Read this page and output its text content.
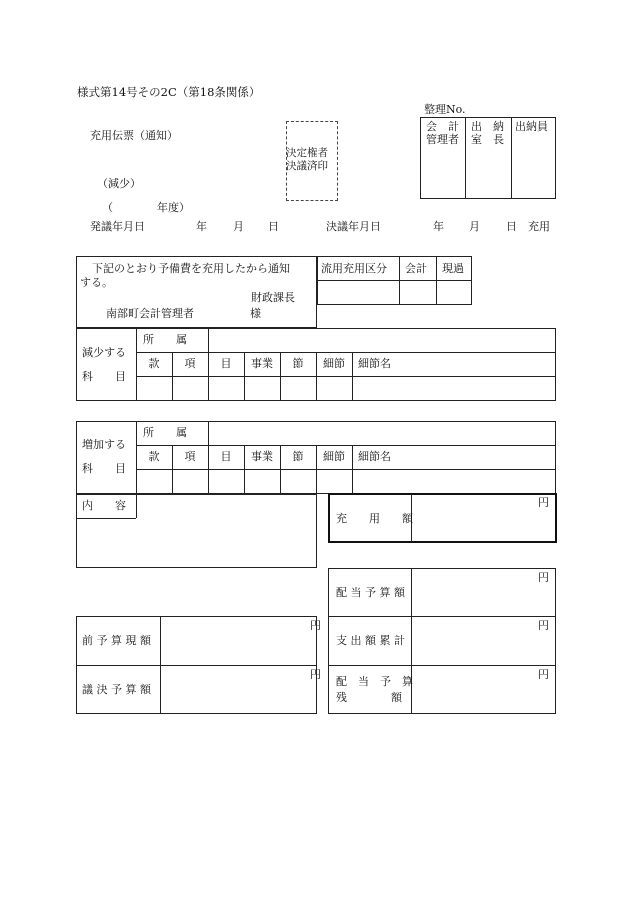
様式第14号その2C（第18条関係）
整理No.
充用伝票（通知）
（減少）
決定権者
決議済印
会　計
管理者
出　納
室　長
出納員
（　　　　年度）
発議年月日	年 月 日	決議年月日	年 月 日 充用
下記のとおり予備費を充用したから通知
する。
財政課長
様
南部町会計管理者
流用充用区分 会計 現過
減少する
科　　目
所　　属
款	項	目	事業	節	細節	細節名
増加する
科　　目
所　　属
款	項	目	事業	節	細節	細節名
内　　容
充　　用　　額
円
配 当 予 算 額
円
支 出 額 累 計
円
配　当　予　算
残　　　　額
円
前 予 算 現 額
円
議 決 予 算 額
円
